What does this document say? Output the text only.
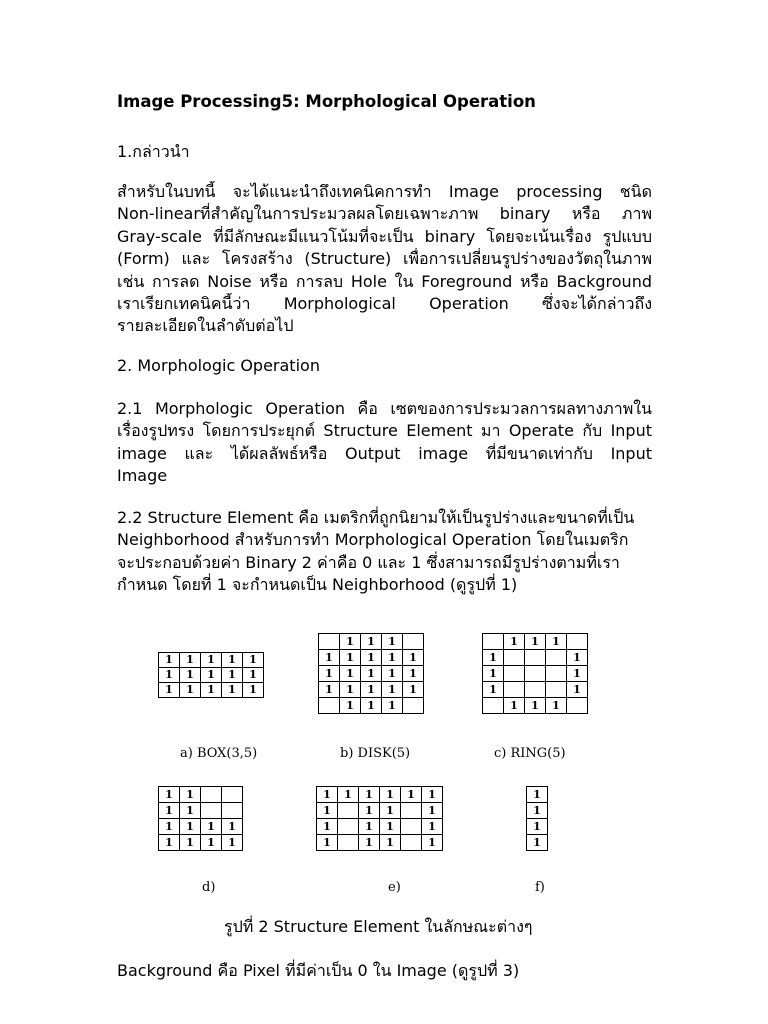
Image Processing5: Morphological Operation
1.กล่าวนำ
สำหรับในบทนี้ จะได้แนะนำถึงเทคนิคการทำ Image processing ชนิด
Non-linearที่สำคัญในการประมวลผลโดยเฉพาะภาพ binary หรือ ภาพ
Gray-scale ที่มีลักษณะมีแนวโน้มที่จะเป็น binary โดยจะเน้นเรื่อง รูปแบบ
(Form) และ โครงสร้าง (Structure) เพื่อการเปลี่ยนรูปร่างของวัตถุในภาพ
เช่น การลด Noise หรือ การลบ Hole ใน Foreground หรือ Background
เราเรียกเทคนิคนี้ว่า Morphological Operation ซึ่งจะได้กล่าวถึง
รายละเอียดในลำดับต่อไป
2. Morphologic Operation
2.1 Morphologic Operation คือ เซตของการประมวลการผลทางภาพใน
เรื่องรูปทรง โดยการประยุกต์ Structure Element มา Operate กับ Input
image และ ได้ผลลัพธ์หรือ Output image ที่มีขนาดเท่ากับ Input
Image
2.2 Structure Element คือ เมตริกที่ถูกนิยามให้เป็นรูปร่างและขนาดที่เป็น
Neighborhood สำหรับการทำ Morphological Operation โดยในเมตริก
จะประกอบด้วยค่า Binary 2 ค่าคือ 0 และ 1 ซึ่งสามารถมีรูปร่างตามที่เรา
กำหนด โดยที่ 1 จะกำหนดเป็น Neighborhood (ดูรูปที่ 1)
1	1	1	1	1
1	1	1	1	1
1	1	1	1	1
	1	1	1	
1	1	1	1	1
1	1	1	1	1
1	1	1	1	1
	1	1	1	
	1	1	1	
1				1
1				1
1				1
	1	1	1	
a) BOX(3,5)	b) DISK(5)	c) RING(5)
1	1		
1	1		
1	1	1	1
1	1	1	1
1	1	1	1	1	1
1		1	1		1
1		1	1		1
1		1	1		1
1
1
1
1
d)	e)	f)
รูปที่ 2 Structure Element ในลักษณะต่างๆ
Background คือ Pixel ที่มีค่าเป็น 0 ใน Image (ดูรูปที่ 3)
